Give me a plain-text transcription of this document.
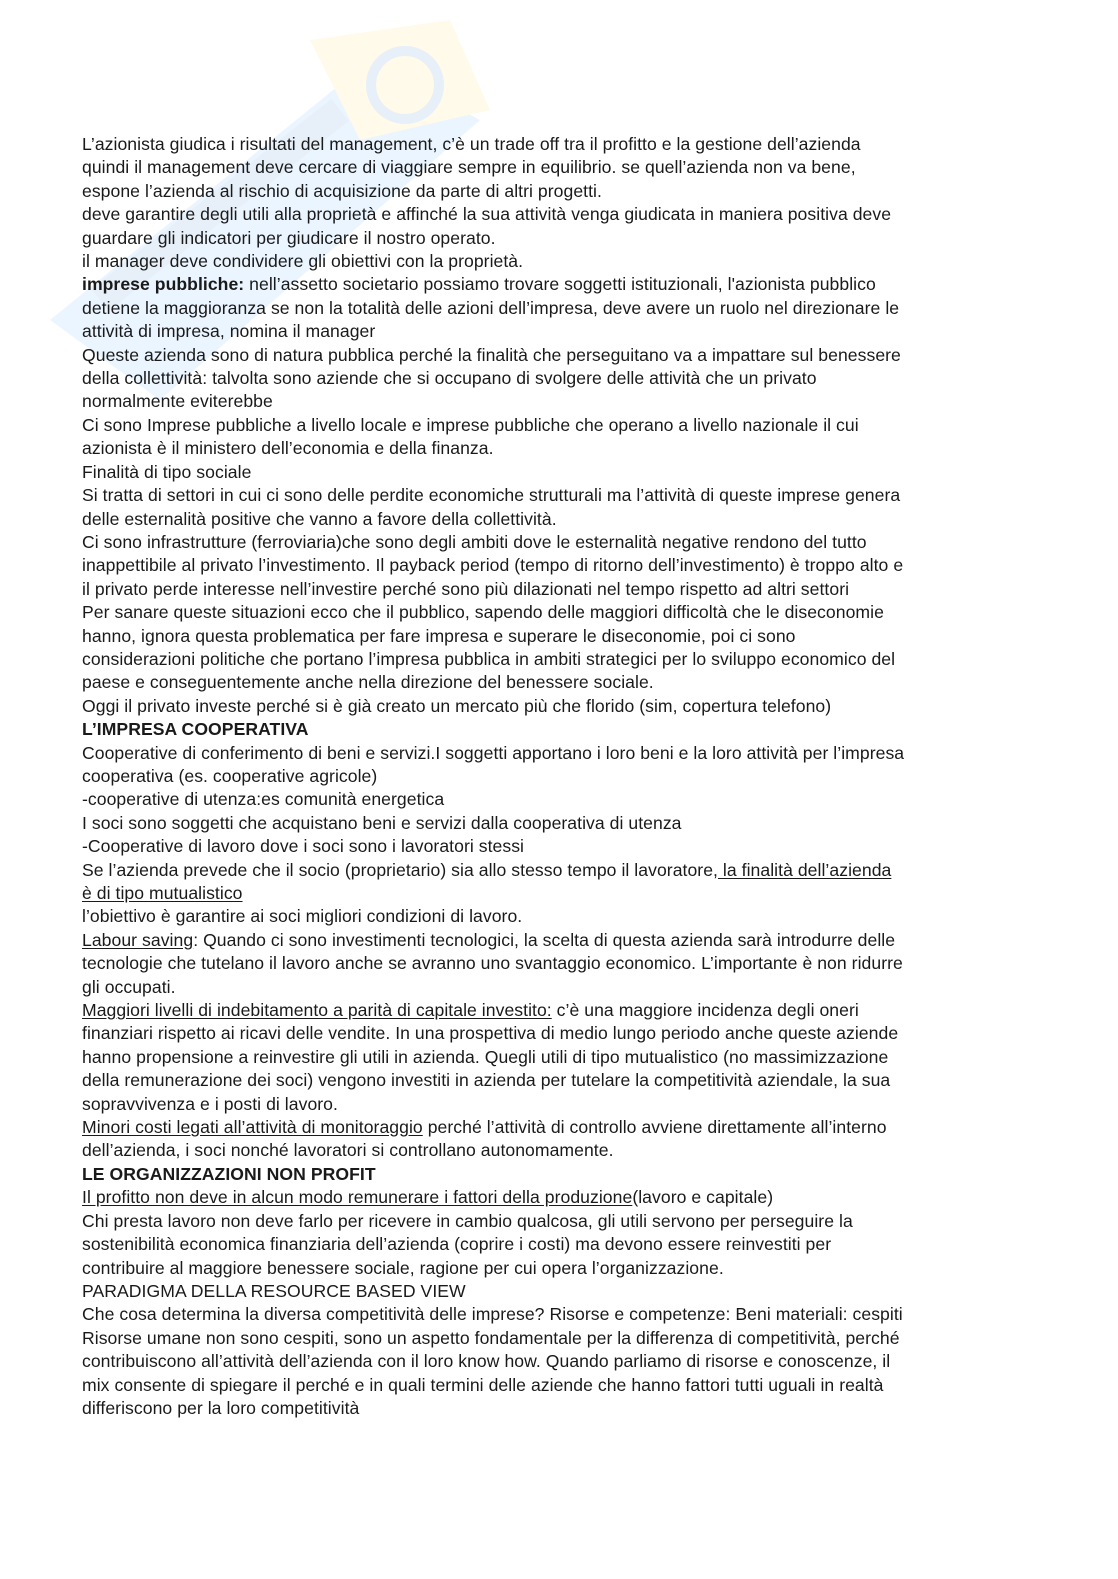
L’azionista giudica i risultati del management, c’è un trade off tra il profitto e la gestione dell’azienda
quindi il management deve cercare di viaggiare sempre in equilibrio. se quell’azienda non va bene,
espone l’azienda al rischio di acquisizione da parte di altri progetti.
deve garantire degli utili alla proprietà e affinché la sua attività venga giudicata in maniera positiva deve
guardare gli indicatori per giudicare il nostro operato.
il manager deve condividere gli obiettivi con la proprietà.
imprese pubbliche: nell’assetto societario possiamo trovare soggetti istituzionali, l'azionista pubblico
detiene la maggioranza se non la totalità delle azioni dell’impresa, deve avere un ruolo nel direzionare le
attività di impresa, nomina il manager
Queste azienda sono di natura pubblica perché la finalità che perseguitano va a impattare sul benessere
della collettività: talvolta sono aziende che si occupano di svolgere delle attività che un privato
normalmente eviterebbe
Ci sono Imprese pubbliche a livello locale e imprese pubbliche che operano a livello nazionale il cui
azionista è il ministero dell’economia e della finanza.
Finalità di tipo sociale
Si tratta di settori in cui ci sono delle perdite economiche strutturali ma l’attività di queste imprese genera
delle esternalità positive che vanno a favore della collettività.
Ci sono infrastrutture (ferroviaria)che sono degli ambiti dove le esternalità negative rendono del tutto
inappettibile al privato l’investimento. Il payback period (tempo di ritorno dell’investimento) è troppo alto e
il privato perde interesse nell’investire perché sono più dilazionati nel tempo rispetto ad altri settori
Per sanare queste situazioni ecco che il pubblico, sapendo delle maggiori difficoltà che le diseconomie
hanno, ignora questa problematica per fare impresa e superare le diseconomie, poi ci sono
considerazioni politiche che portano l’impresa pubblica in ambiti strategici per lo sviluppo economico del
paese e conseguentemente anche nella direzione del benessere sociale.
Oggi il privato investe perché si è già creato un mercato più che florido (sim, copertura telefono)
L’IMPRESA COOPERATIVA
Cooperative di conferimento di beni e servizi.I soggetti apportano i loro beni e la loro attività per l’impresa
cooperativa (es. cooperative agricole)
-cooperative di utenza:es comunità energetica
I soci sono soggetti che acquistano beni e servizi dalla cooperativa di utenza
-Cooperative di lavoro dove i soci sono i lavoratori stessi
Se l’azienda prevede che il socio (proprietario) sia allo stesso tempo il lavoratore, la finalità dell’azienda
è di tipo mutualistico
l’obiettivo è garantire ai soci migliori condizioni di lavoro.
Labour saving: Quando ci sono investimenti tecnologici, la scelta di questa azienda sarà introdurre delle
tecnologie che tutelano il lavoro anche se avranno uno svantaggio economico. L’importante è non ridurre
gli occupati.
Maggiori livelli di indebitamento a parità di capitale investito: c’è una maggiore incidenza degli oneri
finanziari rispetto ai ricavi delle vendite. In una prospettiva di medio lungo periodo anche queste aziende
hanno propensione a reinvestire gli utili in azienda. Quegli utili di tipo mutualistico (no massimizzazione
della remunerazione dei soci) vengono investiti in azienda per tutelare la competitività aziendale, la sua
sopravvivenza e i posti di lavoro.
Minori costi legati all’attività di monitoraggio perché l’attività di controllo avviene direttamente all’interno
dell’azienda, i soci nonché lavoratori si controllano autonomamente.
LE ORGANIZZAZIONI NON PROFIT
Il profitto non deve in alcun modo remunerare i fattori della produzione(lavoro e capitale)
Chi presta lavoro non deve farlo per ricevere in cambio qualcosa, gli utili servono per perseguire la
sostenibilità economica finanziaria dell’azienda (coprire i costi) ma devono essere reinvestiti per
contribuire al maggiore benessere sociale, ragione per cui opera l’organizzazione.
PARADIGMA DELLA RESOURCE BASED VIEW
Che cosa determina la diversa competitività delle imprese? Risorse e competenze: Beni materiali: cespiti
Risorse umane non sono cespiti, sono un aspetto fondamentale per la differenza di competitività, perché
contribuiscono all’attività dell’azienda con il loro know how. Quando parliamo di risorse e conoscenze, il
mix consente di spiegare il perché e in quali termini delle aziende che hanno fattori tutti uguali in realtà
differiscono per la loro competitività
